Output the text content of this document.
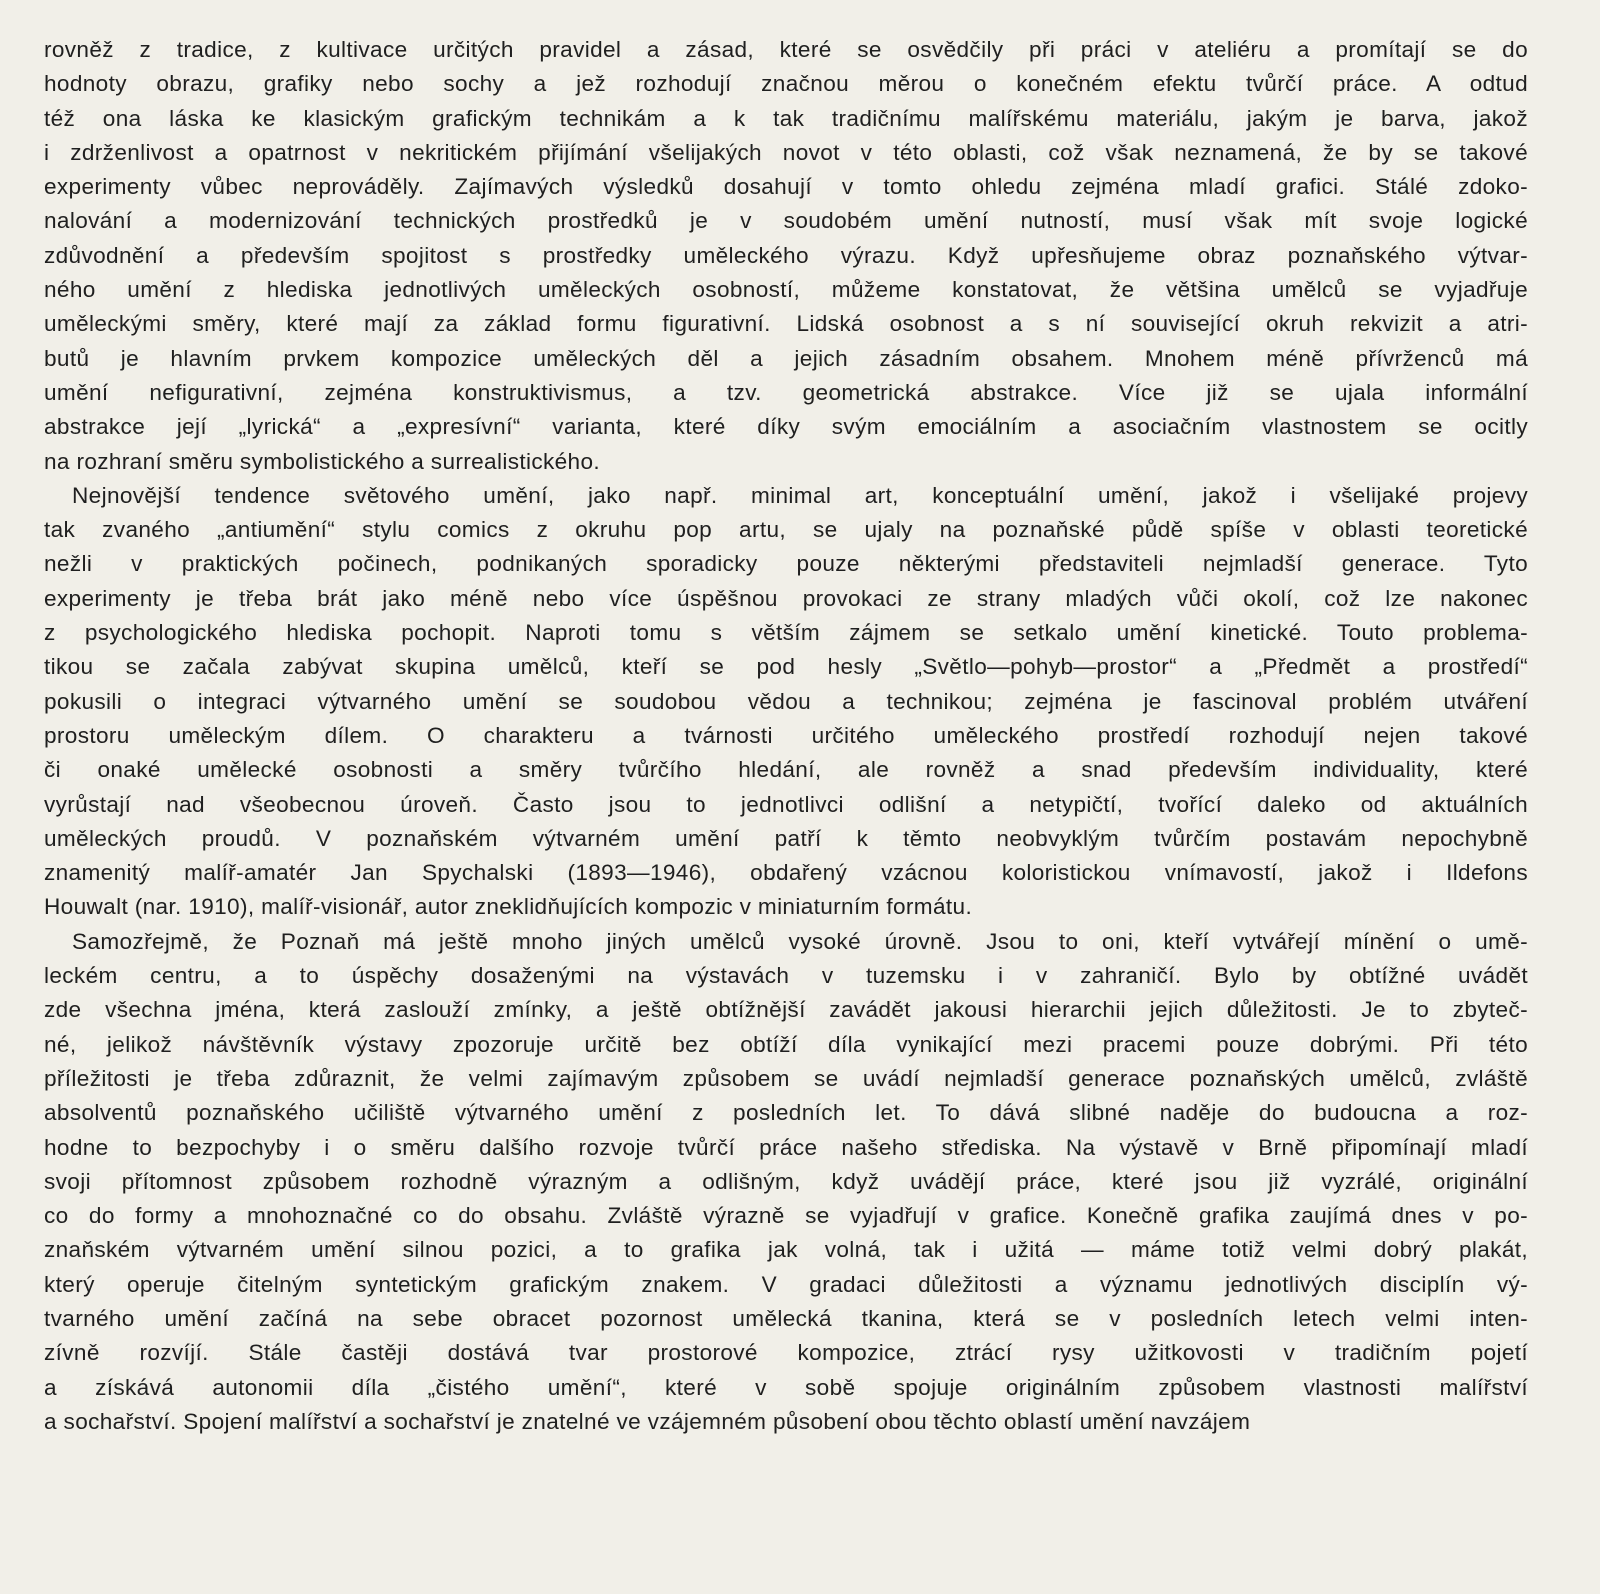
rovněž z tradice, z kultivace určitých pravidel a zásad, které se osvědčily při práci v ateliéru a promítají se do
hodnoty obrazu, grafiky nebo sochy a jež rozhodují značnou měrou o konečném efektu tvůrčí práce. A odtud
též ona láska ke klasickým grafickým technikám a k tak tradičnímu malířskému materiálu, jakým je barva, jakož
i zdrženlivost a opatrnost v nekritickém přijímání všelijakých novot v této oblasti, což však neznamená, že by se takové
experimenty vůbec neprováděly. Zajímavých výsledků dosahují v tomto ohledu zejména mladí grafici. Stálé zdoko-
nalování a modernizování technických prostředků je v soudobém umění nutností, musí však mít svoje logické
zdůvodnění a především spojitost s prostředky uměleckého výrazu. Když upřesňujeme obraz poznaňského výtvar-
ného umění z hlediska jednotlivých uměleckých osobností, můžeme konstatovat, že většina umělců se vyjadřuje
uměleckými směry, které mají za základ formu figurativní. Lidská osobnost a s ní související okruh rekvizit a atri-
butů je hlavním prvkem kompozice uměleckých děl a jejich zásadním obsahem. Mnohem méně přívrženců má
umění nefigurativní, zejména konstruktivismus, a tzv. geometrická abstrakce. Více již se ujala informální
abstrakce její „lyrická“ a „expresívní“ varianta, které díky svým emociálním a asociačním vlastnostem se ocitly
na rozhraní směru symbolistického a surrealistického.
Nejnovější tendence světového umění, jako např. minimal art, konceptuální umění, jakož i všelijaké projevy
tak zvaného „antiumění“ stylu comics z okruhu pop artu, se ujaly na poznaňské půdě spíše v oblasti teoretické
nežli v praktických počinech, podnikaných sporadicky pouze některými představiteli nejmladší generace. Tyto
experimenty je třeba brát jako méně nebo více úspěšnou provokaci ze strany mladých vůči okolí, což lze nakonec
z psychologického hlediska pochopit. Naproti tomu s větším zájmem se setkalo umění kinetické. Touto problema-
tikou se začala zabývat skupina umělců, kteří se pod hesly „Světlo—pohyb—prostor“ a „Předmět a prostředí“
pokusili o integraci výtvarného umění se soudobou vědou a technikou; zejména je fascinoval problém utváření
prostoru uměleckým dílem. O charakteru a tvárnosti určitého uměleckého prostředí rozhodují nejen takové
či onaké umělecké osobnosti a směry tvůrčího hledání, ale rovněž a snad především individuality, které
vyrůstají nad všeobecnou úroveň. Často jsou to jednotlivci odlišní a netypičtí, tvořící daleko od aktuálních
uměleckých proudů. V poznaňském výtvarném umění patří k těmto neobvyklým tvůrčím postavám nepochybně
znamenitý malíř-amatér Jan Spychalski (1893—1946), obdařený vzácnou koloristickou vnímavostí, jakož i Ildefons
Houwalt (nar. 1910), malíř-visionář, autor zneklidňujících kompozic v miniaturním formátu.
Samozřejmě, že Poznaň má ještě mnoho jiných umělců vysoké úrovně. Jsou to oni, kteří vytvářejí mínění o umě-
leckém centru, a to úspěchy dosaženými na výstavách v tuzemsku i v zahraničí. Bylo by obtížné uvádět
zde všechna jména, která zaslouží zmínky, a ještě obtížnější zavádět jakousi hierarchii jejich důležitosti. Je to zbyteč-
né, jelikož návštěvník výstavy zpozoruje určitě bez obtíží díla vynikající mezi pracemi pouze dobrými. Při této
příležitosti je třeba zdůraznit, že velmi zajímavým způsobem se uvádí nejmladší generace poznaňských umělců, zvláště
absolventů poznaňského učiliště výtvarného umění z posledních let. To dává slibné naděje do budoucna a roz-
hodne to bezpochyby i o směru dalšího rozvoje tvůrčí práce našeho střediska. Na výstavě v Brně připomínají mladí
svoji přítomnost způsobem rozhodně výrazným a odlišným, když uvádějí práce, které jsou již vyzrálé, originální
co do formy a mnohoznačné co do obsahu. Zvláště výrazně se vyjadřují v grafice. Konečně grafika zaujímá dnes v po-
znaňském výtvarném umění silnou pozici, a to grafika jak volná, tak i užitá — máme totiž velmi dobrý plakát,
který operuje čitelným syntetickým grafickým znakem. V gradaci důležitosti a významu jednotlivých disciplín vý-
tvarného umění začíná na sebe obracet pozornost umělecká tkanina, která se v posledních letech velmi inten-
zívně rozvíjí. Stále častěji dostává tvar prostorové kompozice, ztrácí rysy užitkovosti v tradičním pojetí
a získává autonomii díla „čistého umění“, které v sobě spojuje originálním způsobem vlastnosti malířství
a sochařství. Spojení malířství a sochařství je znatelné ve vzájemném působení obou těchto oblastí umění navzájem
